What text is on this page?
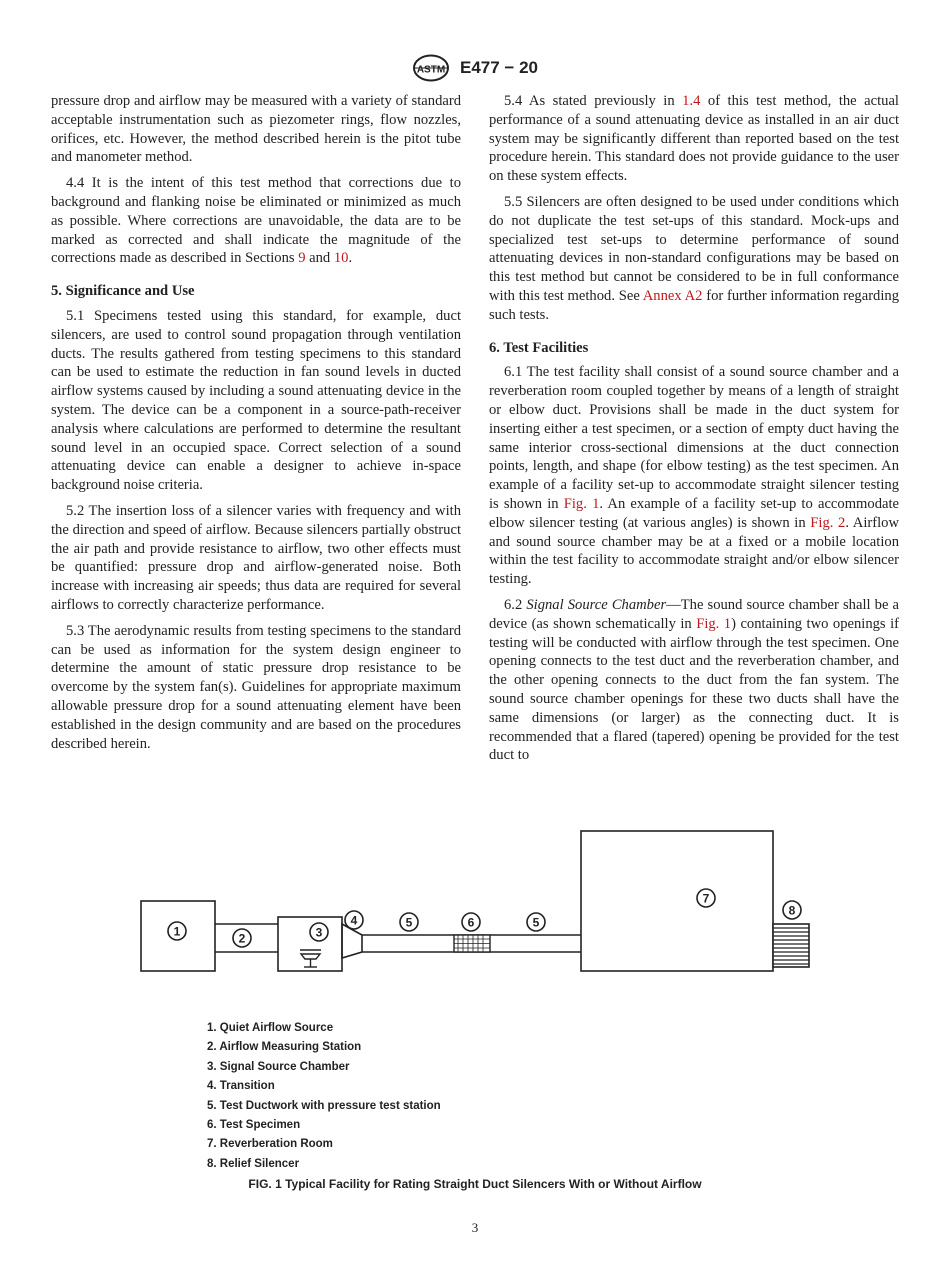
ASTM E477 − 20

pressure drop and airflow may be measured with a variety of standard acceptable instrumentation such as piezometer rings, flow nozzles, orifices, etc. However, the method described herein is the pitot tube and manometer method.

4.4 It is the intent of this test method that corrections due to background and flanking noise be eliminated or minimized as much as possible. Where corrections are unavoidable, the data are to be marked as corrected and shall indicate the magnitude of the corrections made as described in Sections 9 and 10.

5. Significance and Use

5.1 Specimens tested using this standard, for example, duct silencers, are used to control sound propagation through ventilation ducts. The results gathered from testing specimens to this standard can be used to estimate the reduction in fan sound levels in ducted airflow systems caused by including a sound attenuating device in the system. The device can be a component in a source-path-receiver analysis where calculations are performed to determine the resultant sound level in an occupied space. Correct selection of a sound attenuating device can enable a designer to achieve in-space background noise criteria.

5.2 The insertion loss of a silencer varies with frequency and with the direction and speed of airflow. Because silencers partially obstruct the air path and provide resistance to airflow, two other effects must be quantified: pressure drop and airflow-generated noise. Both increase with increasing air speeds; thus data are required for several airflows to correctly characterize performance.

5.3 The aerodynamic results from testing specimens to the standard can be used as information for the system design engineer to determine the amount of static pressure drop resistance to be overcome by the system fan(s). Guidelines for appropriate maximum allowable pressure drop for a sound attenuating element have been established in the design community and are based on the procedures described herein.

5.4 As stated previously in 1.4 of this test method, the actual performance of a sound attenuating device as installed in an air duct system may be significantly different than reported based on the test procedure herein. This standard does not provide guidance to the user on these system effects.

5.5 Silencers are often designed to be used under conditions which do not duplicate the test set-ups of this standard. Mock-ups and specialized test set-ups to determine performance of sound attenuating devices in non-standard configurations may be based on this test method but cannot be considered to be in full conformance with this test method. See Annex A2 for further information regarding such tests.

6. Test Facilities

6.1 The test facility shall consist of a sound source chamber and a reverberation room coupled together by means of a length of straight or elbow duct. Provisions shall be made in the duct system for inserting either a test specimen, or a section of empty duct having the same interior cross-sectional dimensions at the duct connection points, length, and shape (for elbow testing) as the test specimen. An example of a facility set-up to accommodate straight silencer testing is shown in Fig. 1. An example of a facility set-up to accommodate elbow silencer testing (at various angles) is shown in Fig. 2. Airflow and sound source chamber may be at a fixed or a mobile location within the test facility to accommodate straight and/or elbow silencer testing.

6.2 Signal Source Chamber—The sound source chamber shall be a device (as shown schematically in Fig. 1) containing two openings if testing will be conducted with airflow through the test specimen. One opening connects to the test duct and the reverberation chamber, and the other opening connects to the duct from the fan system. The sound source chamber openings for these two ducts shall have the same dimensions (or larger) as the connecting duct. It is recommended that a flared (tapered) opening be provided for the test duct to

1	2	3
4	5	6	5
7
8
1. Quiet Airflow Source
2. Airflow Measuring Station
3. Signal Source Chamber
4. Transition
5. Test Ductwork with pressure test station
6. Test Specimen
7. Reverberation Room
8. Relief Silencer
FIG. 1 Typical Facility for Rating Straight Duct Silencers With or Without Airflow
3
